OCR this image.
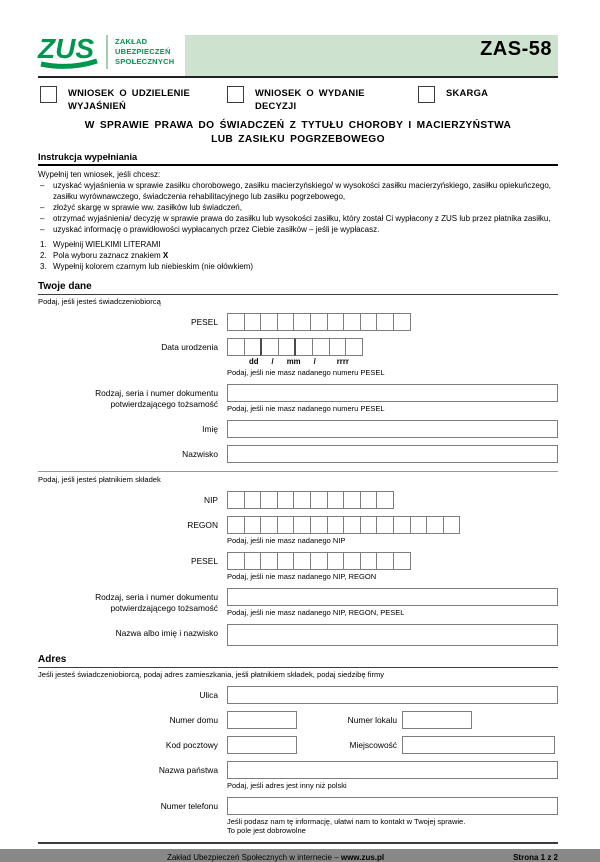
ZUS	ZAKŁAD
UBEZPIECZEŃ
SPOŁECZNYCH
ZAS-58
WNIOSEK O UDZIELENIE WYJAŚNIEŃ
WNIOSEK O WYDANIE DECYZJI
SKARGA
W SPRAWIE PRAWA DO ŚWIADCZEŃ Z TYTUŁU CHOROBY I MACIERZYŃSTWA
LUB ZASIŁKU POGRZEBOWEGO
Instrukcja wypełniania
Wypełnij ten wniosek, jeśli chcesz:
–	uzyskać wyjaśnienia w sprawie zasiłku chorobowego, zasiłku macierzyńskiego/ w wysokości zasiłku macierzyńskiego, zasiłku opiekuńczego, zasiłku wyrównawczego, świadczenia rehabilitacyjnego lub zasiłku pogrzebowego,
–	złożyć skargę w sprawie ww. zasiłków lub świadczeń,
–	otrzymać wyjaśnienia/ decyzję w sprawie prawa do zasiłku lub wysokości zasiłku, który został Ci wypłacony z ZUS lub przez płatnika zasiłku,
–	uzyskać informację o prawidłowości wypłacanych przez Ciebie zasiłków – jeśli je wypłacasz.
1. Wypełnij WIELKIMI LITERAMI
2. Pola wyboru zaznacz znakiem X
3. Wypełnij kolorem czarnym lub niebieskim (nie ołówkiem)
Twoje dane
Podaj, jeśli jesteś świadczeniobiorcą
PESEL
Data urodzenia
dd / mm /	rrrr
Podaj, jeśli nie masz nadanego numeru PESEL
Rodzaj, seria i numer dokumentu
potwierdzającego tożsamość Podaj, jeśli nie masz nadanego numeru PESEL
Imię
Nazwisko
Podaj, jeśli jesteś płatnikiem składek
NIP
REGON
Podaj, jeśli nie masz nadanego NIP
PESEL
Podaj, jeśli nie masz nadanego NIP, REGON
Rodzaj, seria i numer dokumentu
potwierdzającego tożsamość Podaj, jeśli nie masz nadanego NIP, REGON, PESEL
Nazwa albo imię i nazwisko
Adres
Jeśli jesteś świadczeniobiorcą, podaj adres zamieszkania, jeśli płatnikiem składek, podaj siedzibę firmy
Ulica
Numer domu	Numer lokalu
Kod pocztowy	Miejscowość
Nazwa państwa
Podaj, jeśli adres jest inny niż polski
Numer telefonu
Jeśli podasz nam tę informację, ułatwi nam to kontakt w Twojej sprawie.
To pole jest dobrowolne
Zakład Ubezpieczeń Społecznych w internecie – www.zus.pl	Strona 1 z 2
